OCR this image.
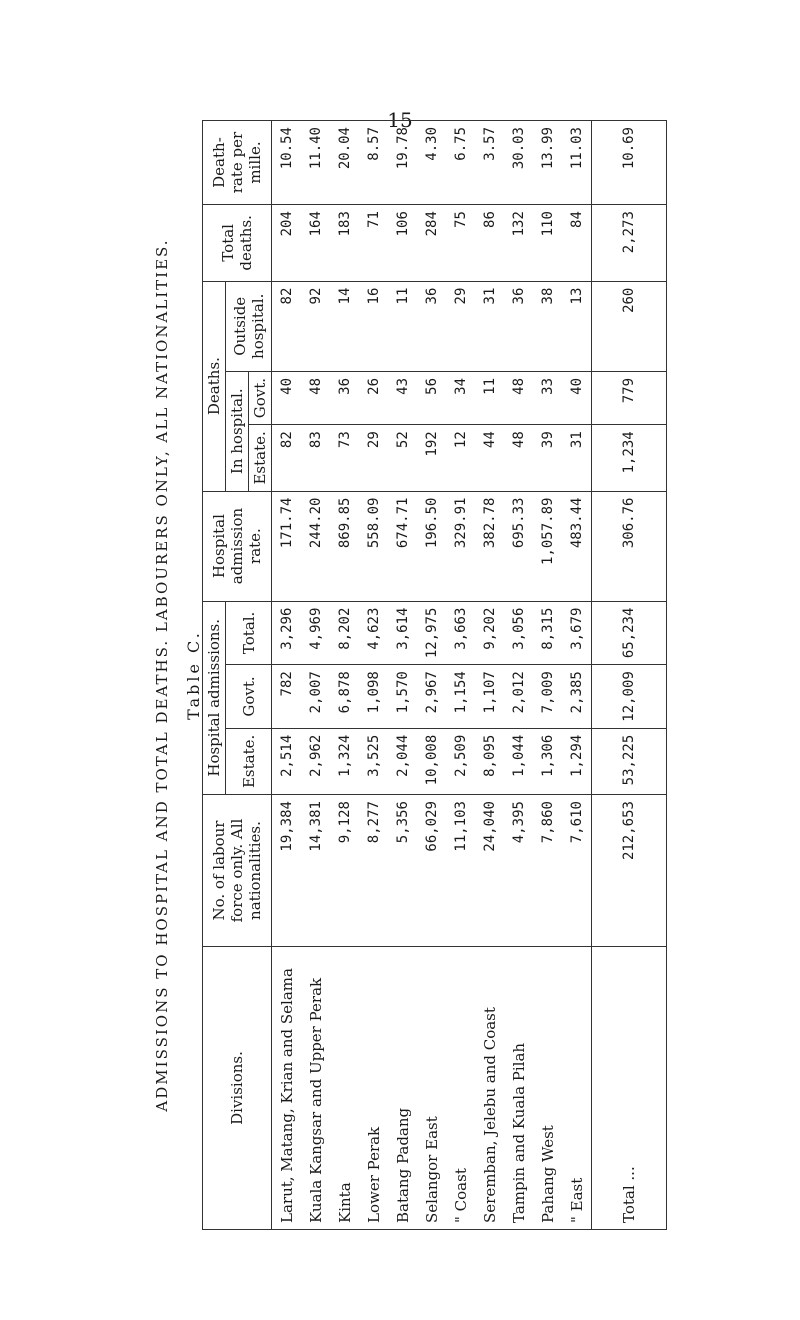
15
ADMISSIONS TO HOSPITAL AND TOTAL DEATHS. LABOURERS ONLY, ALL NATIONALITIES. Table C.
Divisions.	No. of labour force only. All nationalities.	Hospital admissions.			Hospital admission rate.	Deaths.			Total deaths.	Death-rate per mille.
		Estate.	Govt.	Total.		In hospital.		Outside hospital.		
						Estate.	Govt.			
Larut, Matang, Krian and Selama	19,384	2,514	782	3,296	171.74	82	40	82	204	10.54
Kuala Kangsar and Upper Perak	14,381	2,962	2,007	4,969	244.20	83	48	92	164	11.40
Kinta	9,128	1,324	6,878	8,202	869.85	73	36	14	183	20.04
Lower Perak	8,277	3,525	1,098	4,623	558.09	29	26	16	71	8.57
Batang Padang	5,356	2,044	1,570	3,614	674.71	52	43	11	106	19.78
Selangor East	66,029	10,008	2,967	12,975	196.50	192	56	36	284	4.30
" Coast	11,103	2,509	1,154	3,663	329.91	12	34	29	75	6.75
Seremban, Jelebu and Coast	24,040	8,095	1,107	9,202	382.78	44	11	31	86	3.57
Tampin and Kuala Pilah	4,395	1,044	2,012	3,056	695.33	48	48	36	132	30.03
Pahang West	7,860	1,306	7,009	8,315	1,057.89	39	33	38	110	13.99
" East	7,610	1,294	2,385	3,679	483.44	31	40	13	84	11.03
Total ...	212,653	53,225	12,009	65,234	306.76	1,234	779	260	2,273	10.69
